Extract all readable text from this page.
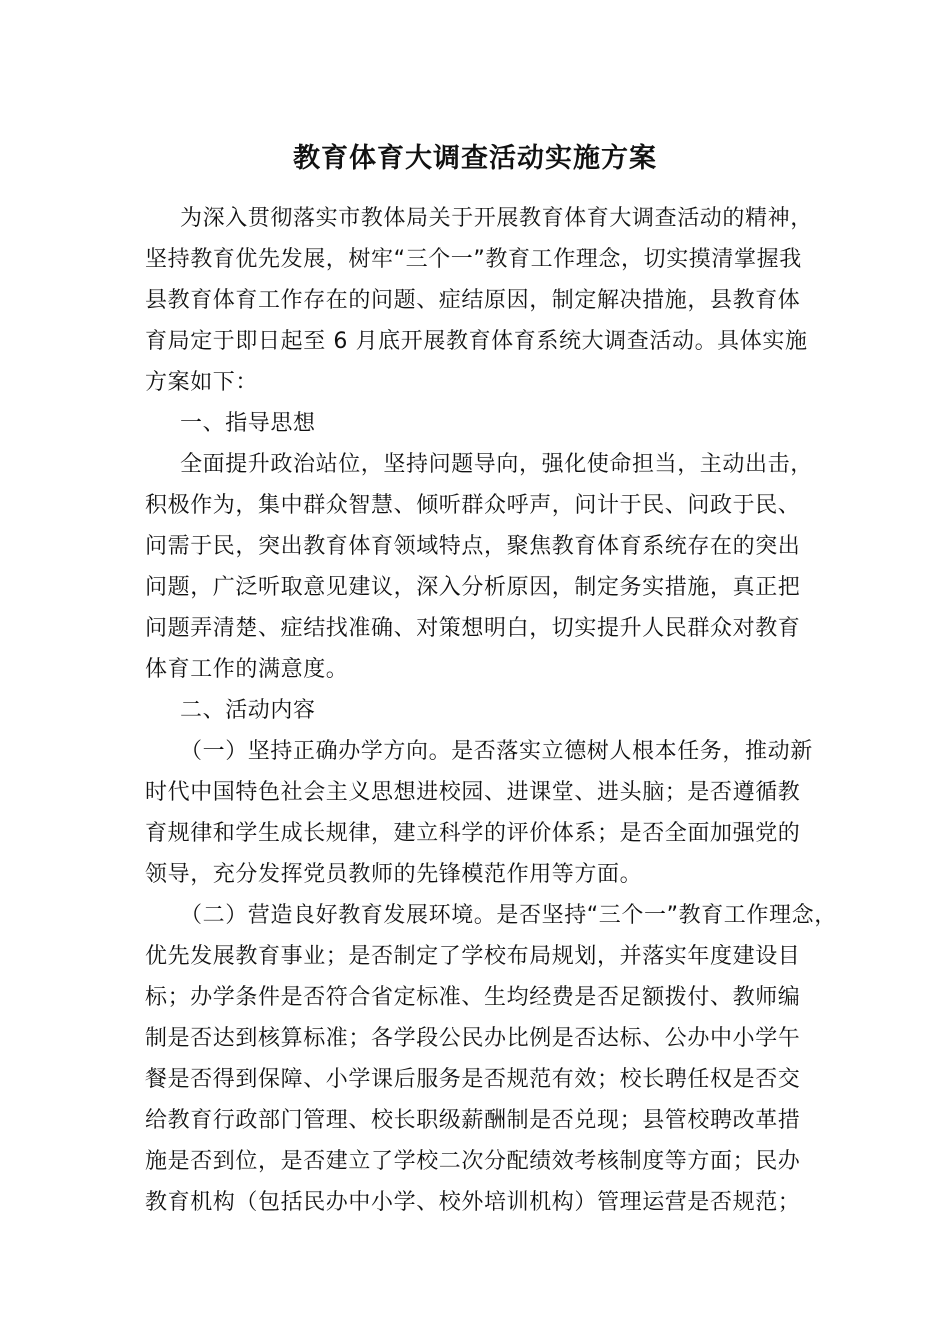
教育体育大调查活动实施方案
为深入贯彻落实市教体局关于开展教育体育大调查活动的精神，
坚持教育优先发展，树牢“三个一”教育工作理念，切实摸清掌握我
县教育体育工作存在的问题、症结原因，制定解决措施，县教育体
育局定于即日起至 6 月底开展教育体育系统大调查活动。具体实施
方案如下：
一、指导思想
全面提升政治站位，坚持问题导向，强化使命担当，主动出击，
积极作为，集中群众智慧、倾听群众呼声，问计于民、问政于民、
问需于民，突出教育体育领域特点，聚焦教育体育系统存在的突出
问题，广泛听取意见建议，深入分析原因，制定务实措施，真正把
问题弄清楚、症结找准确、对策想明白，切实提升人民群众对教育
体育工作的满意度。
二、活动内容
（一）坚持正确办学方向。是否落实立德树人根本任务，推动新
时代中国特色社会主义思想进校园、进课堂、进头脑；是否遵循教
育规律和学生成长规律，建立科学的评价体系；是否全面加强党的
领导，充分发挥党员教师的先锋模范作用等方面。
（二）营造良好教育发展环境。是否坚持“三个一”教育工作理念，
优先发展教育事业；是否制定了学校布局规划，并落实年度建设目
标；办学条件是否符合省定标准、生均经费是否足额拨付、教师编
制是否达到核算标准；各学段公民办比例是否达标、公办中小学午
餐是否得到保障、小学课后服务是否规范有效；校长聘任权是否交
给教育行政部门管理、校长职级薪酬制是否兑现；县管校聘改革措
施是否到位，是否建立了学校二次分配绩效考核制度等方面；民办
教育机构（包括民办中小学、校外培训机构）管理运营是否规范；
